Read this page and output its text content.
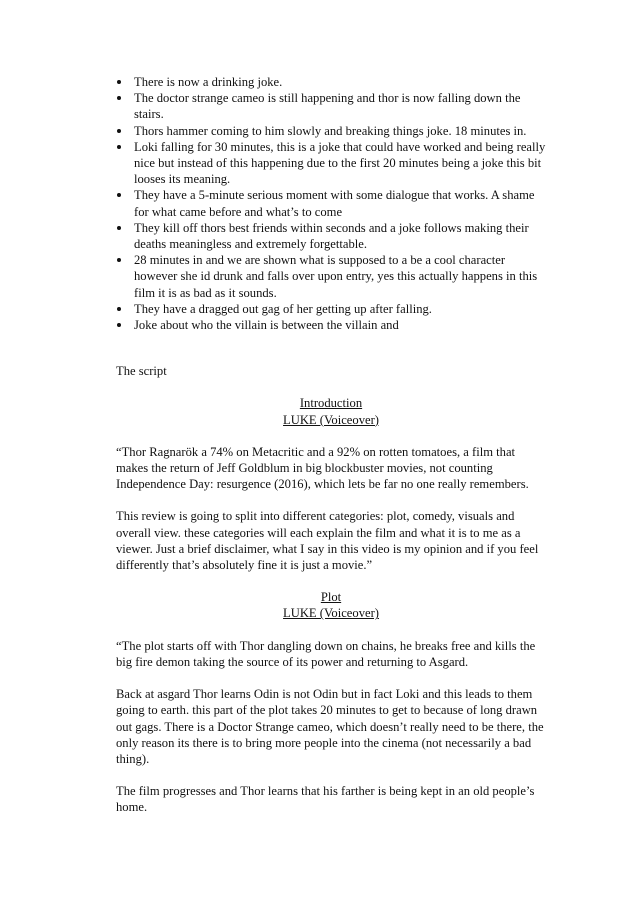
There is now a drinking joke.
The doctor strange cameo is still happening and thor is now falling down the stairs.
Thors hammer coming to him slowly and breaking things joke. 18 minutes in.
Loki falling for 30 minutes, this is a joke that could have worked and being really nice but instead of this happening due to the first 20 minutes being a joke this bit looses its meaning.
They have a 5-minute serious moment with some dialogue that works. A shame for what came before and what’s to come
They kill off thors best friends within seconds and a joke follows making their deaths meaningless and extremely forgettable.
28 minutes in and we are shown what is supposed to a be a cool character however she id drunk and falls over upon entry, yes this actually happens in this film it is as bad as it sounds.
They have a dragged out gag of her getting up after falling.
Joke about who the villain is between the villain and

The script

Introduction

LUKE (Voiceover)

“Thor Ragnarök a 74% on Metacritic and a 92% on rotten tomatoes, a film that makes the return of Jeff Goldblum in big blockbuster movies, not counting Independence Day: resurgence (2016), which lets be far no one really remembers.

This review is going to split into different categories: plot, comedy, visuals and overall view. these categories will each explain the film and what it is to me as a viewer. Just a brief disclaimer, what I say in this video is my opinion and if you feel differently that’s absolutely fine it is just a movie.”

Plot

LUKE (Voiceover)

“The plot starts off with Thor dangling down on chains, he breaks free and kills the big fire demon taking the source of its power and returning to Asgard.

Back at asgard Thor learns Odin is not Odin but in fact Loki and this leads to them going to earth. this part of the plot takes 20 minutes to get to because of long drawn out gags. There is a Doctor Strange cameo, which doesn’t really need to be there, the only reason its there is to bring more people into the cinema (not necessarily a bad thing).

The film progresses and Thor learns that his farther is being kept in an old people’s home.
